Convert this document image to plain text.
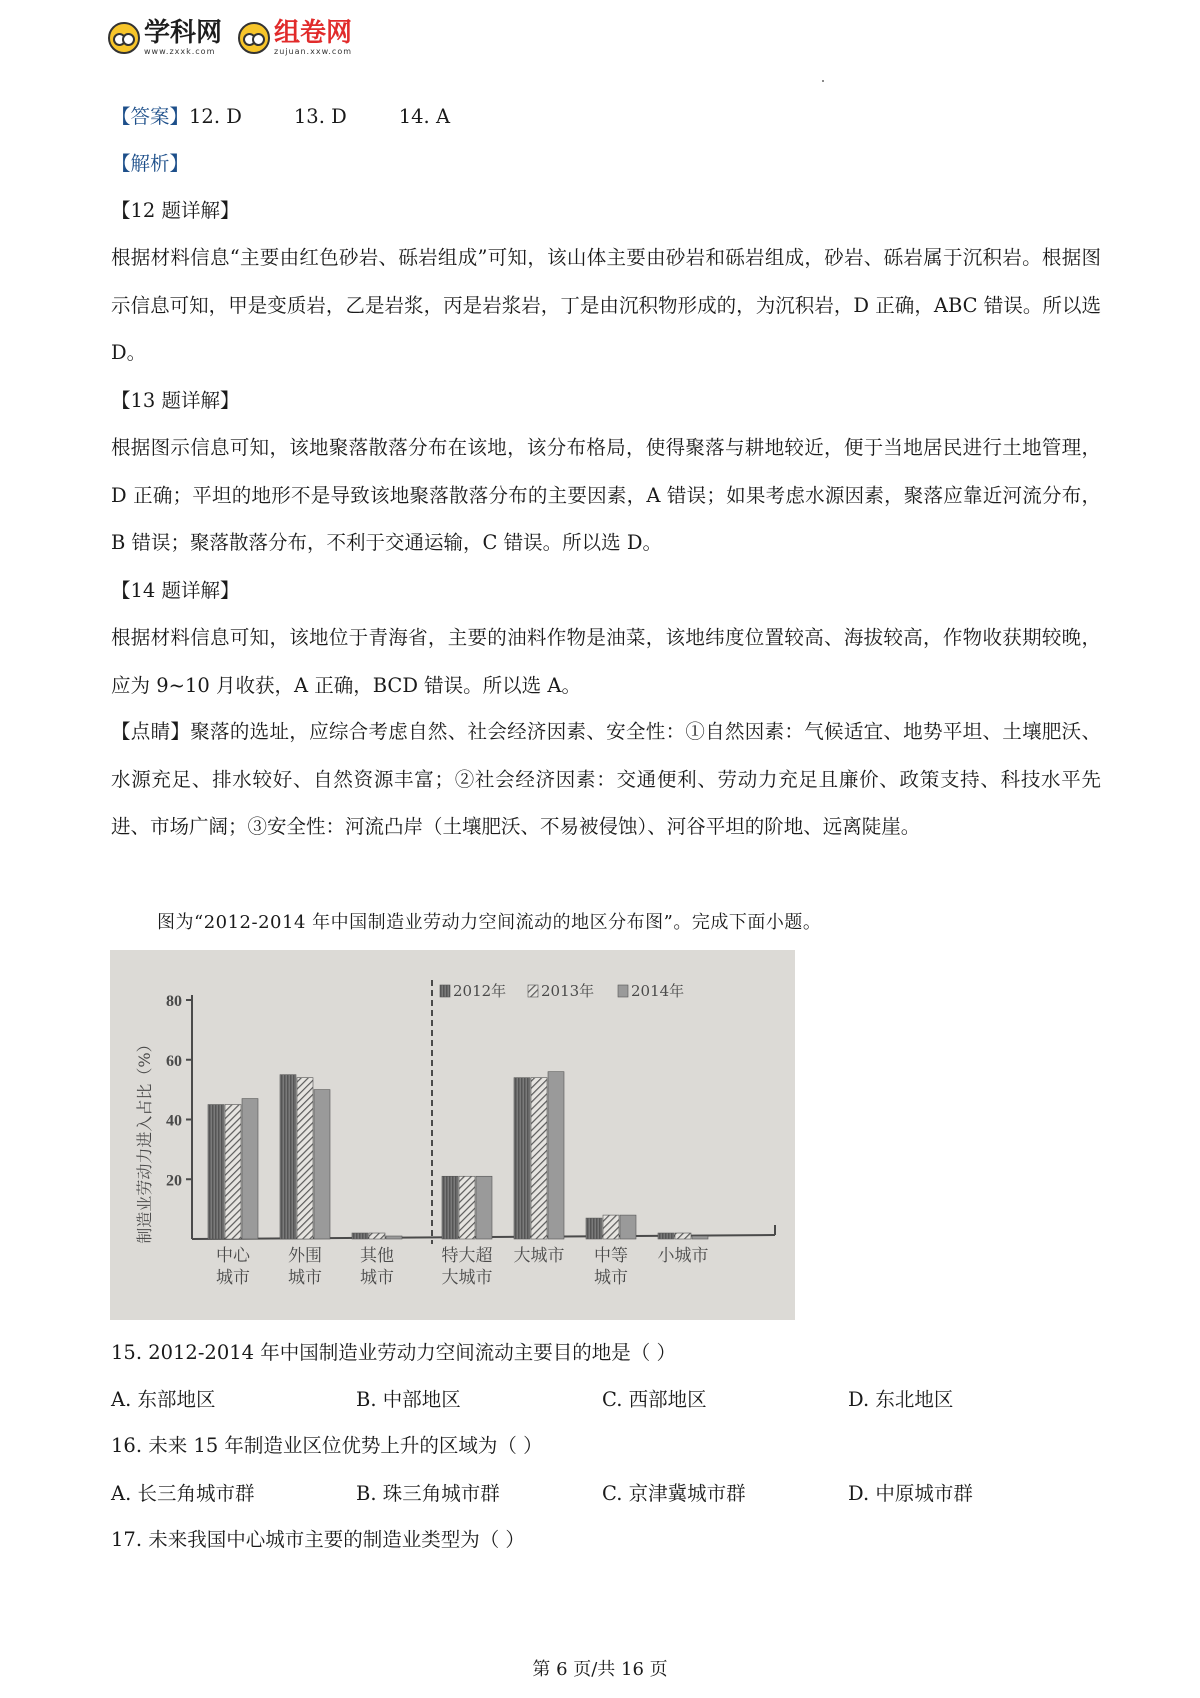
学科网
www.zxxk.com
组卷网
zujuan.xxw.com
【答案】12. D	13. D	14. A
【解析】
【12 题详解】
根据材料信息“主要由红色砂岩、砾岩组成”可知，该山体主要由砂岩和砾岩组成，砂岩、砾岩属于沉积岩。根据图示信息可知，甲是变质岩，乙是岩浆，丙是岩浆岩，丁是由沉积物形成的，为沉积岩，D 正确，ABC 错误。所以选 D。
【13 题详解】
根据图示信息可知，该地聚落散落分布在该地，该分布格局，使得聚落与耕地较近，便于当地居民进行土地管理，D 正确；平坦的地形不是导致该地聚落散落分布的主要因素，A 错误；如果考虑水源因素，聚落应靠近河流分布，B 错误；聚落散落分布，不利于交通运输，C 错误。所以选 D。
【14 题详解】
根据材料信息可知，该地位于青海省，主要的油料作物是油菜，该地纬度位置较高、海拔较高，作物收获期较晚，应为 9~10 月收获，A 正确，BCD 错误。所以选 A。
【点睛】聚落的选址，应综合考虑自然、社会经济因素、安全性：①自然因素：气候适宜、地势平坦、土壤肥沃、水源充足、排水较好、自然资源丰富；②社会经济因素：交通便利、劳动力充足且廉价、政策支持、科技水平先进、市场广阔；③安全性：河流凸岸（土壤肥沃、不易被侵蚀）、河谷平坦的阶地、远离陡崖。
图为“2012-2014 年中国制造业劳动力空间流动的地区分布图”。完成下面小题。
20
40
60
80
制造业劳动力进入占比（%）
中心
城市
外围
城市
其他
城市
特大超
大城市
大城市 中等
城市
小城市
2012年 2013年 2014年
15. 2012-2014 年中国制造业劳动力空间流动主要目的地是（ ）
A. 东部地区	B. 中部地区	C. 西部地区	D. 东北地区
16. 未来 15 年制造业区位优势上升的区域为（ ）
A. 长三角城市群	B. 珠三角城市群	C. 京津冀城市群	D. 中原城市群
17. 未来我国中心城市主要的制造业类型为（ ）
第 6 页/共 16 页
